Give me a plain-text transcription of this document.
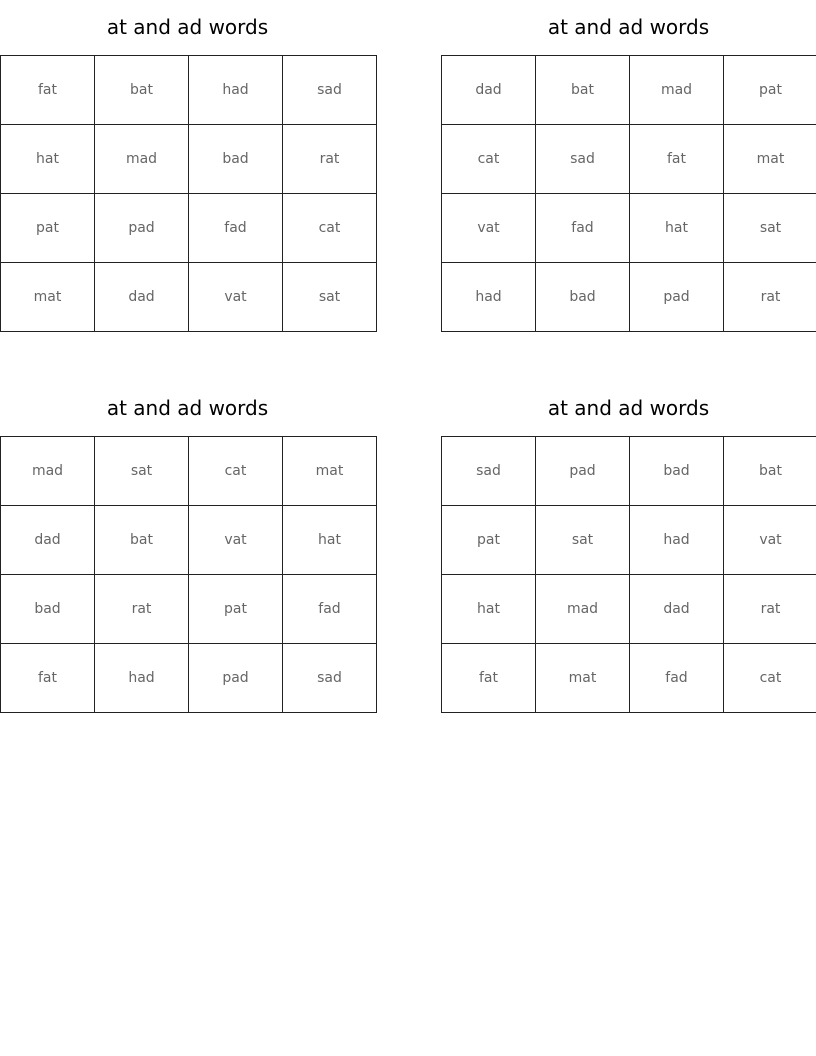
at and ad words
fat	bat	had	sad
hat	mad	bad	rat
pat	pad	fad	cat
mat	dad	vat	sat
at and ad words
dad	bat	mad	pat
cat	sad	fat	mat
vat	fad	hat	sat
had	bad	pad	rat
at and ad words
mad	sat	cat	mat
dad	bat	vat	hat
bad	rat	pat	fad
fat	had	pad	sad
at and ad words
sad	pad	bad	bat
pat	sat	had	vat
hat	mad	dad	rat
fat	mat	fad	cat
